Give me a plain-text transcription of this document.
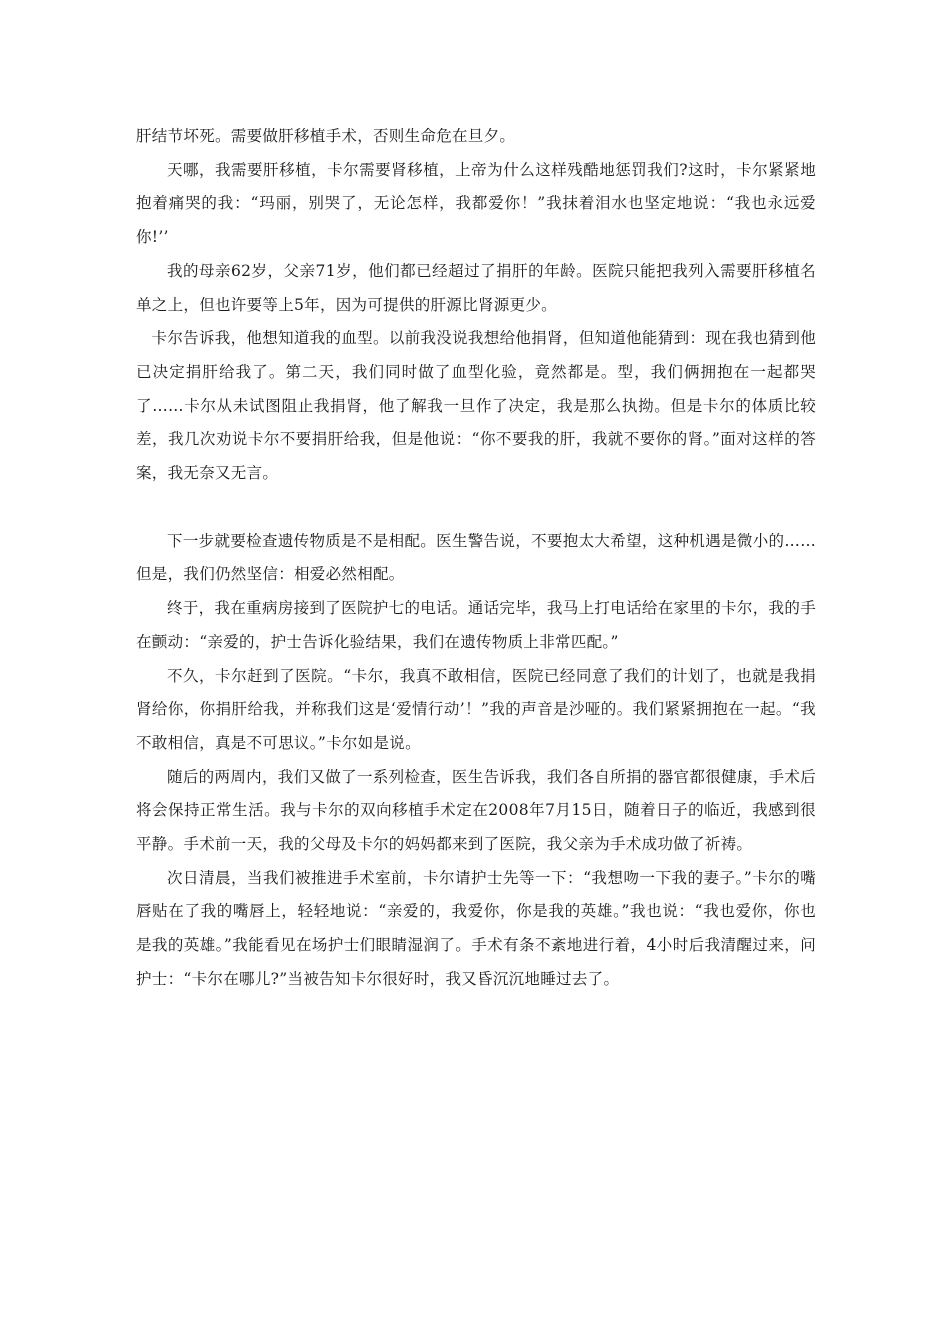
肝结节坏死。需要做肝移植手术，否则生命危在旦夕。

天哪，我需要肝移植，卡尔需要肾移植，上帝为什么这样残酷地惩罚我们?这时，卡尔紧紧地抱着痛哭的我：“玛丽，别哭了，无论怎样，我都爱你！”我抹着泪水也坚定地说：“我也永远爱你!’’

我的母亲62岁，父亲71岁，他们都已经超过了捐肝的年龄。医院只能把我列入需要肝移植名单之上，但也许要等上5年，因为可提供的肝源比肾源更少。

卡尔告诉我，他想知道我的血型。以前我没说我想给他捐肾，但知道他能猜到：现在我也猜到他已决定捐肝给我了。第二天，我们同时做了血型化验，竟然都是。型，我们俩拥抱在一起都哭了……卡尔从未试图阻止我捐肾，他了解我一旦作了决定，我是那么执拗。但是卡尔的体质比较差，我几次劝说卡尔不要捐肝给我，但是他说：“你不要我的肝，我就不要你的肾。”面对这样的答案，我无奈又无言。

下一步就要检查遗传物质是不是相配。医生警告说，不要抱太大希望，这种机遇是微小的……但是，我们仍然坚信：相爱必然相配。

终于，我在重病房接到了医院护七的电话。通话完毕，我马上打电话给在家里的卡尔，我的手在颤动：“亲爱的，护士告诉化验结果，我们在遗传物质上非常匹配。”

不久，卡尔赶到了医院。“卡尔，我真不敢相信，医院已经同意了我们的计划了，也就是我捐肾给你，你捐肝给我，并称我们这是‘爱情行动’！”我的声音是沙哑的。我们紧紧拥抱在一起。“我不敢相信，真是不可思议。”卡尔如是说。

随后的两周内，我们又做了一系列检查，医生告诉我，我们各自所捐的器官都很健康，手术后将会保持正常生活。我与卡尔的双向移植手术定在2008年7月15日，随着日子的临近，我感到很平静。手术前一天，我的父母及卡尔的妈妈都来到了医院，我父亲为手术成功做了祈祷。

次日清晨，当我们被推进手术室前，卡尔请护士先等一下：“我想吻一下我的妻子。”卡尔的嘴唇贴在了我的嘴唇上，轻轻地说：“亲爱的，我爱你，你是我的英雄。”我也说：“我也爱你，你也是我的英雄。”我能看见在场护士们眼睛湿润了。手术有条不紊地进行着，4小时后我清醒过来，问护士：“卡尔在哪儿?”当被告知卡尔很好时，我又昏沉沉地睡过去了。
